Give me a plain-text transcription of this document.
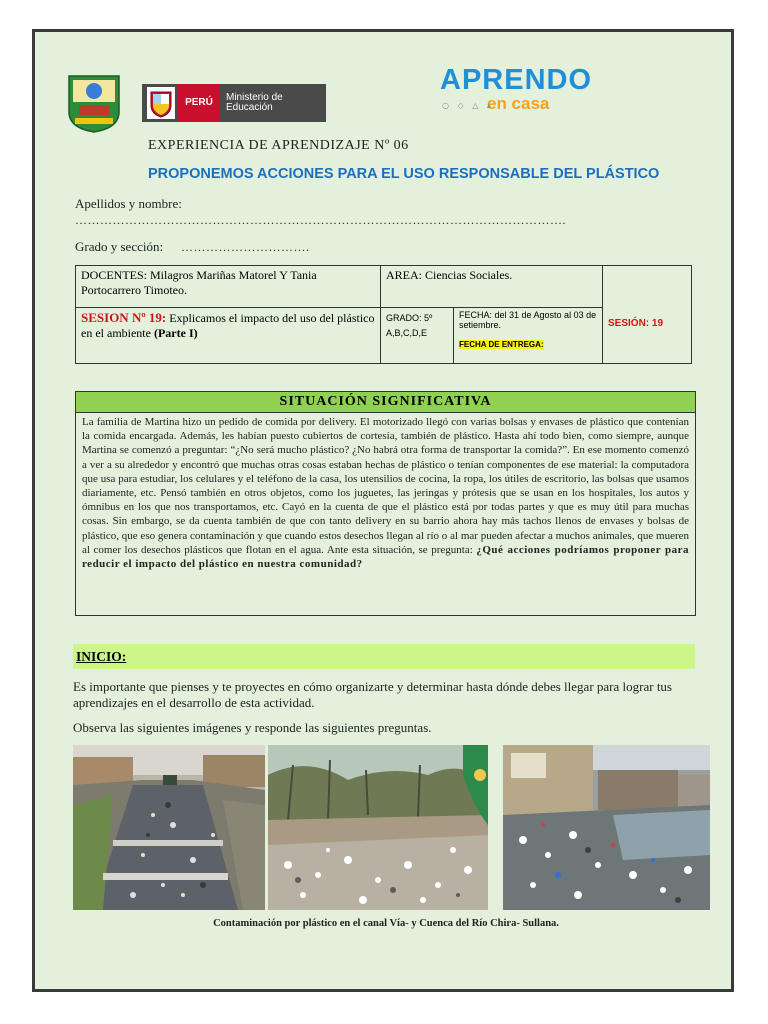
PERÚ	Ministerio de Educación
APRENDO
○ ◇ △ ▴
en casa
EXPERIENCIA DE APRENDIZAJE Nº 06
PROPONEMOS ACCIONES PARA EL USO RESPONSABLE DEL PLÁSTICO
Apellidos y nombre:
……………………………………………………………………………………………………….
Grado y sección: ………………………….
DOCENTES: Milagros Mariñas Matorel Y Tania Portocarrero Timoteo.	AREA: Ciencias Sociales.		SESIÓN: 19
SESION Nº 19: Explicamos el impacto del uso del plástico en el ambiente (Parte I)	GRADO: 5º A,B,C,D,E	FECHA: del 31 de Agosto al 03 de setiembre.
FECHA DE ENTREGA:	
SITUACIÓN SIGNIFICATIVA
La familia de Martina hizo un pedido de comida por delivery. El motorizado llegó con varias bolsas y envases de plástico que contenían la comida encargada. Además, les habían puesto cubiertos de cortesía, también de plástico. Hasta ahí todo bien, como siempre, aunque Martina se comenzó a preguntar: “¿No será mucho plástico? ¿No habrá otra forma de transportar la comida?”. En ese momento comenzó a ver a su alrededor y encontró que muchas otras cosas estaban hechas de plástico o tenían componentes de ese material: la computadora que usa para estudiar, los celulares y el teléfono de la casa, los utensilios de cocina, la ropa, los útiles de escritorio, las bolsas que usamos diariamente, etc. Pensó también en otros objetos, como los juguetes, las jeringas y prótesis que se usan en los hospitales, los autos y ómnibus en los que nos transportamos, etc. Cayó en la cuenta de que el plástico está por todas partes y que es muy útil para muchas cosas. Sin embargo, se da cuenta también de que con tanto delivery en su barrio ahora hay más tachos llenos de envases y bolsas de plástico, que eso genera contaminación y que cuando estos desechos llegan al río o al mar pueden afectar a muchos animales, que mueren al comer los desechos plásticos que flotan en el agua. Ante esta situación, se pregunta: ¿Qué acciones podríamos proponer para reducir el impacto del plástico en nuestra comunidad?
INICIO:
Es importante que pienses y te proyectes en cómo organizarte y determinar hasta dónde debes llegar para lograr tus aprendizajes en el desarrollo de esta actividad.
Observa las siguientes imágenes y responde las siguientes preguntas.
Contaminación por plástico en el canal Vía- y Cuenca del Río Chira- Sullana.
